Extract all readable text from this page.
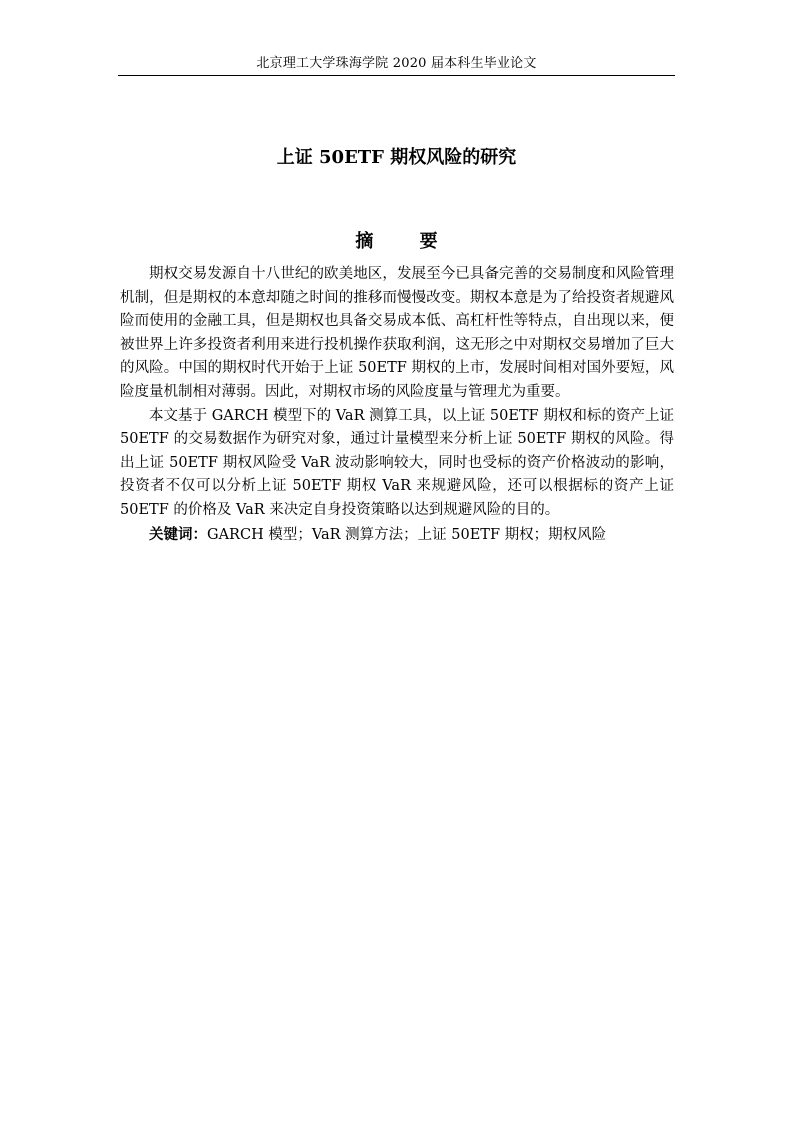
北京理工大学珠海学院 2020 届本科生毕业论文
上证 50ETF 期权风险的研究
摘 要

期权交易发源自十八世纪的欧美地区，发展至今已具备完善的交易制度和风险管理机制，但是期权的本意却随之时间的推移而慢慢改变。期权本意是为了给投资者规避风险而使用的金融工具，但是期权也具备交易成本低、高杠杆性等特点，自出现以来，便被世界上许多投资者利用来进行投机操作获取利润，这无形之中对期权交易增加了巨大的风险。中国的期权时代开始于上证 50ETF 期权的上市，发展时间相对国外要短，风险度量机制相对薄弱。因此，对期权市场的风险度量与管理尤为重要。

本文基于 GARCH 模型下的 VaR 测算工具，以上证 50ETF 期权和标的资产上证 50ETF 的交易数据作为研究对象，通过计量模型来分析上证 50ETF 期权的风险。得出上证 50ETF 期权风险受 VaR 波动影响较大，同时也受标的资产价格波动的影响，投资者不仅可以分析上证 50ETF 期权 VaR 来规避风险，还可以根据标的资产上证 50ETF 的价格及 VaR 来决定自身投资策略以达到规避风险的目的。

关键词：GARCH 模型；VaR 测算方法；上证 50ETF 期权；期权风险
